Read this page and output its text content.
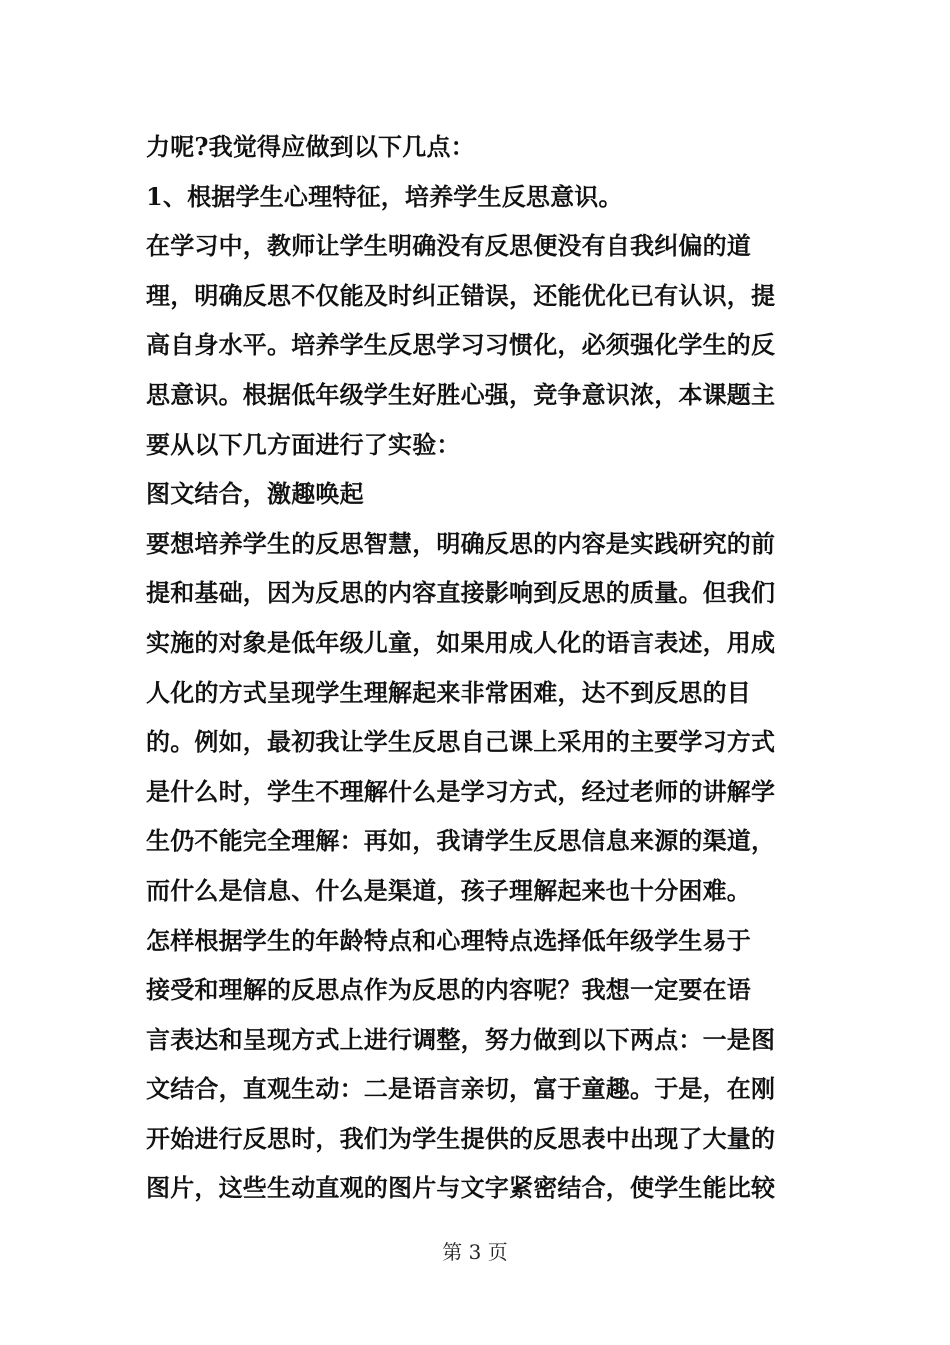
力呢?我觉得应做到以下几点：
1、根据学生心理特征，培养学生反思意识。
在学习中，教师让学生明确没有反思便没有自我纠偏的道
理，明确反思不仅能及时纠正错误，还能优化已有认识，提
高自身水平。培养学生反思学习习惯化，必须强化学生的反
思意识。根据低年级学生好胜心强，竞争意识浓，本课题主
要从以下几方面进行了实验：
图文结合，激趣唤起
要想培养学生的反思智慧，明确反思的内容是实践研究的前
提和基础，因为反思的内容直接影响到反思的质量。但我们
实施的对象是低年级儿童，如果用成人化的语言表述，用成
人化的方式呈现学生理解起来非常困难，达不到反思的目
的。例如，最初我让学生反思自己课上采用的主要学习方式
是什么时，学生不理解什么是学习方式，经过老师的讲解学
生仍不能完全理解：再如，我请学生反思信息来源的渠道，
而什么是信息、什么是渠道，孩子理解起来也十分困难。
怎样根据学生的年龄特点和心理特点选择低年级学生易于
接受和理解的反思点作为反思的内容呢？我想一定要在语
言表达和呈现方式上进行调整，努力做到以下两点：一是图
文结合，直观生动：二是语言亲切，富于童趣。于是，在刚
开始进行反思时，我们为学生提供的反思表中出现了大量的
图片，这些生动直观的图片与文字紧密结合，使学生能比较
第 3 页
